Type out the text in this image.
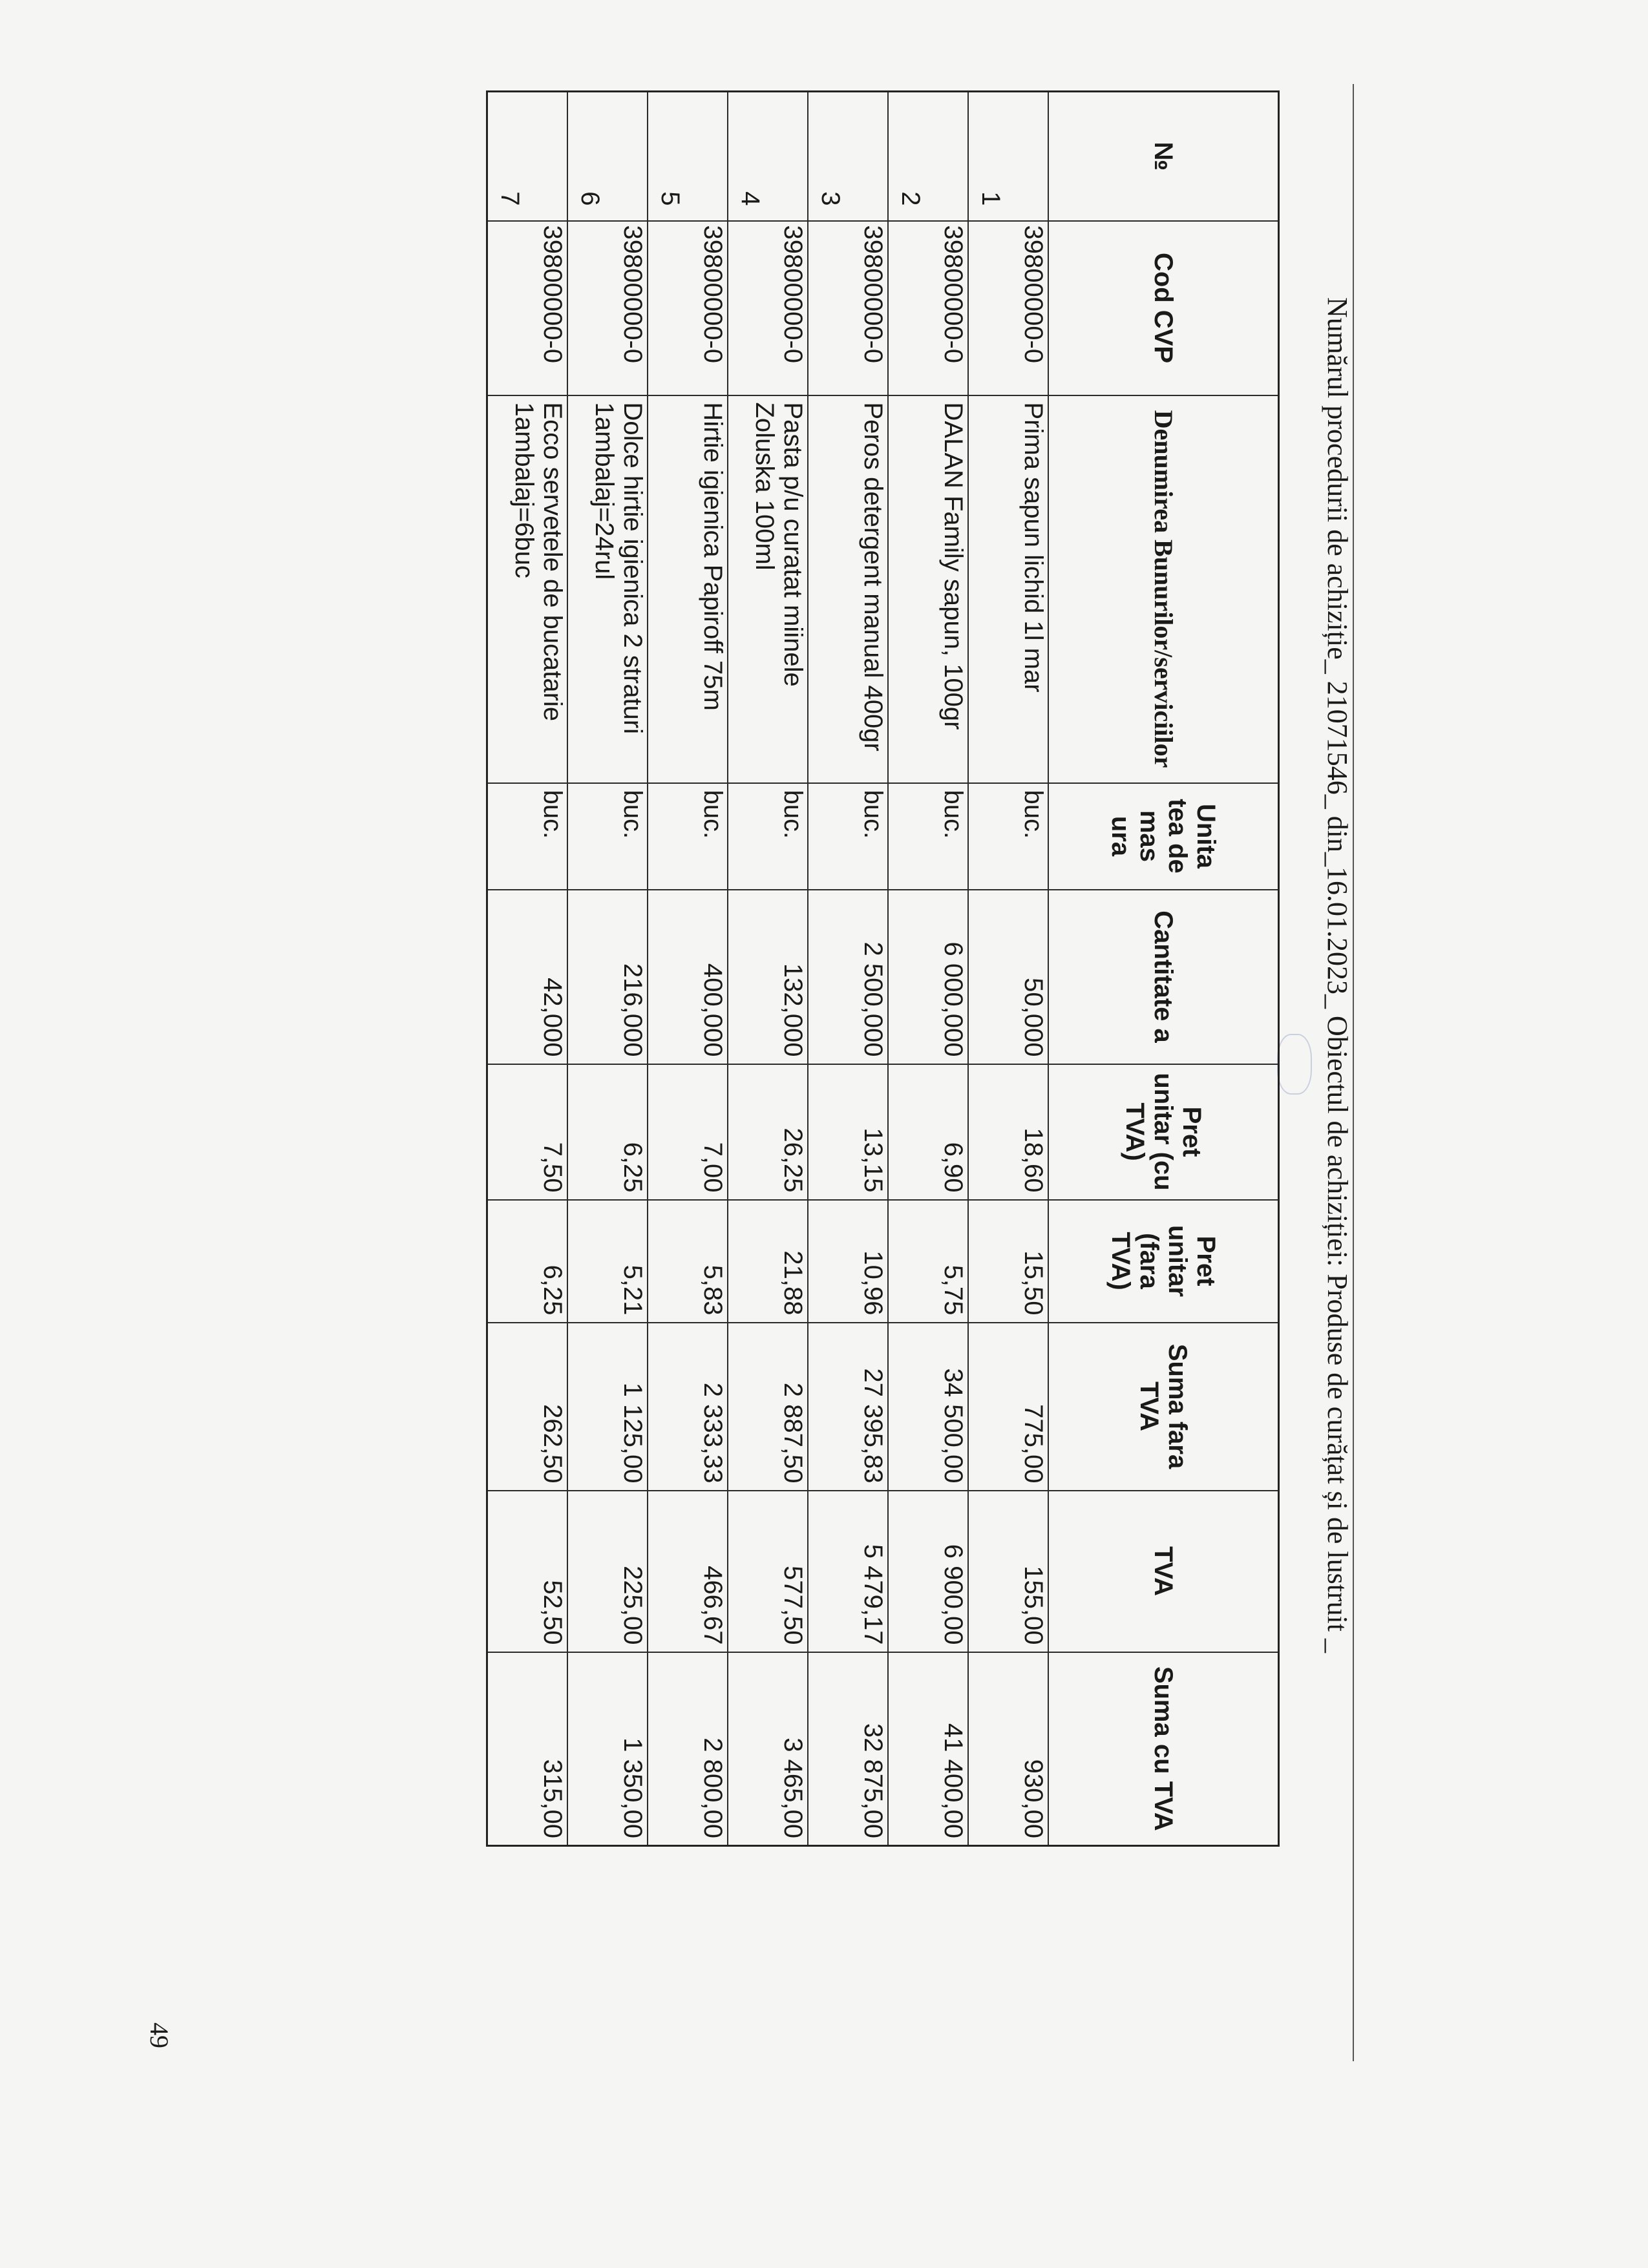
Numărul procedurii de achiziție_ 21071546_ din_16.01.2023_ Obiectul de achiziției: Produse de curățat și de lustruit _
№	Cod CVP	Denumirea Bunurilor/serviciilor	Unita tea de mas ura	Cantitate a	Pret unitar (cu TVA)	Pret unitar (fara TVA)	Suma fara TVA	TVA	Suma cu TVA
1	39800000-0	Prima sapun lichid 1l mar	buc.	50,000	18,60	15,50	775,00	155,00	930,00
2	39800000-0	DALAN Family sapun, 100gr	buc.	6 000,000	6,90	5,75	34 500,00	6 900,00	41 400,00
3	39800000-0	Peros detergent manual 400gr	buc.	2 500,000	13,15	10,96	27 395,83	5 479,17	32 875,00
4	39800000-0	Pasta p/u curatat miinele Zoluska 100ml	buc.	132,000	26,25	21,88	2 887,50	577,50	3 465,00
5	39800000-0	Hirtie igienica Papiroff 75m	buc.	400,000	7,00	5,83	2 333,33	466,67	2 800,00
6	39800000-0	Dolce hirtie igienica 2 straturi 1ambalaj=24rul	buc.	216,000	6,25	5,21	1 125,00	225,00	1 350,00
7	39800000-0	Ecco servetele de bucatarie 1ambalaj=6buc	buc.	42,000	7,50	6,25	262,50	52,50	315,00
49
